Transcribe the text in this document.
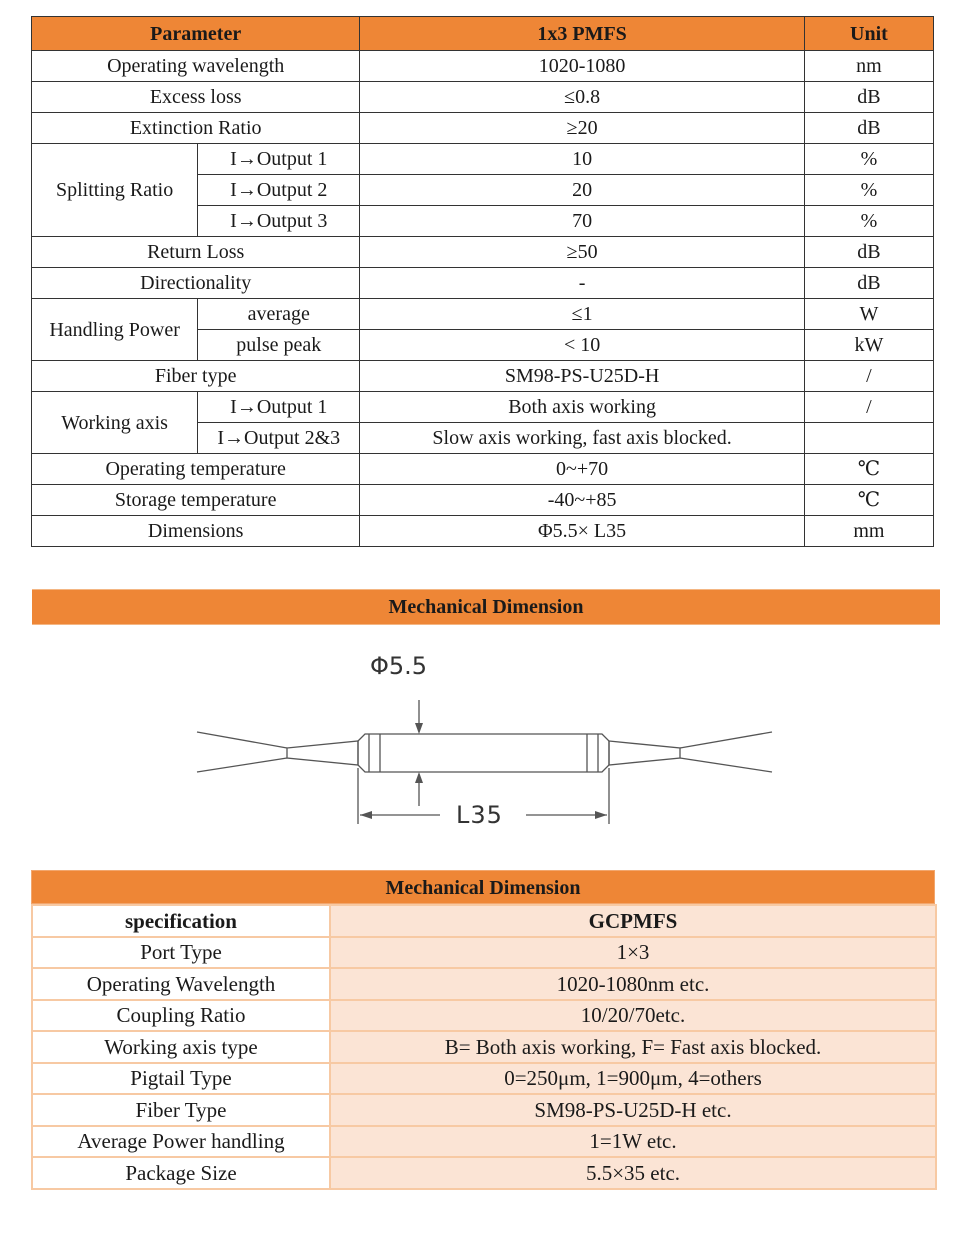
Parameter		1x3 PMFS	Unit
Operating wavelength		1020-1080	nm
Excess loss		≤0.8	dB
Extinction Ratio		≥20	dB
Splitting Ratio	I→Output 1	10	%
	I→Output 2	20	%
	I→Output 3	70	%
Return Loss		≥50	dB
Directionality		-	dB
Handling Power	average	≤1	W
	pulse peak	< 10	kW
Fiber type		SM98-PS-U25D-H	/
Working axis	I→Output 1	Both axis working	/
	I→Output 2&3	Slow axis working, fast axis blocked.	
Operating temperature		0~+70	℃
Storage temperature		-40~+85	℃
Dimensions		Φ5.5× L35	mm
Mechanical Dimension
Φ5.5
L35
Mechanical Dimension
specification	GCPMFS
Port Type	1×3
Operating Wavelength	1020-1080nm etc.
Coupling Ratio	10/20/70etc.
Working axis type	B= Both axis working, F= Fast axis blocked.
Pigtail Type	0=250μm, 1=900μm, 4=others
Fiber Type	SM98-PS-U25D-H etc.
Average Power handling	1=1W etc.
Package Size	5.5×35 etc.
